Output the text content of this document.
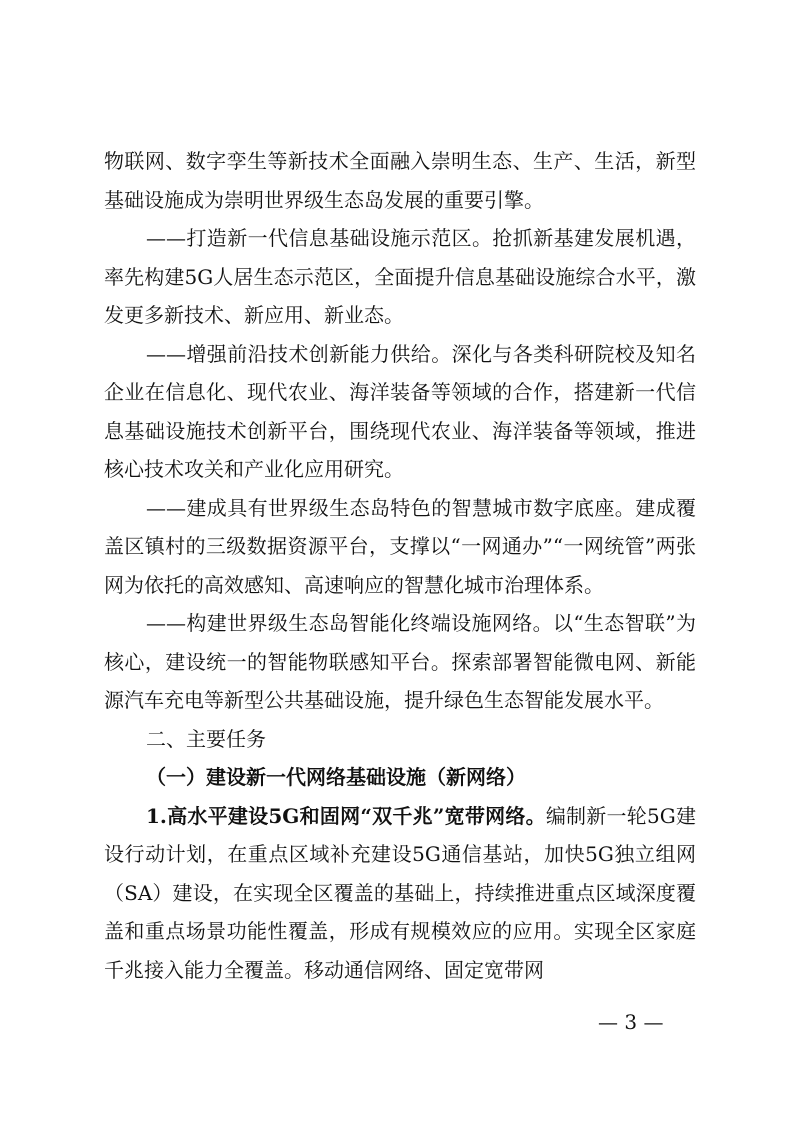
物联网、数字孪生等新技术全面融入崇明生态、生产、生活，新型基础设施成为崇明世界级生态岛发展的重要引擎。

——打造新一代信息基础设施示范区。抢抓新基建发展机遇，率先构建5G人居生态示范区，全面提升信息基础设施综合水平，激发更多新技术、新应用、新业态。

——增强前沿技术创新能力供给。深化与各类科研院校及知名企业在信息化、现代农业、海洋装备等领域的合作，搭建新一代信息基础设施技术创新平台，围绕现代农业、海洋装备等领域，推进核心技术攻关和产业化应用研究。

——建成具有世界级生态岛特色的智慧城市数字底座。建成覆盖区镇村的三级数据资源平台，支撑以“一网通办”“一网统管”两张网为依托的高效感知、高速响应的智慧化城市治理体系。

——构建世界级生态岛智能化终端设施网络。以“生态智联”为核心，建设统一的智能物联感知平台。探索部署智能微电网、新能源汽车充电等新型公共基础设施，提升绿色生态智能发展水平。

二、主要任务

（一）建设新一代网络基础设施（新网络）

1.高水平建设5G和固网“双千兆”宽带网络。编制新一轮5G建设行动计划，在重点区域补充建设5G通信基站，加快5G独立组网（SA）建设，在实现全区覆盖的基础上，持续推进重点区域深度覆盖和重点场景功能性覆盖，形成有规模效应的应用。实现全区家庭千兆接入能力全覆盖。移动通信网络、固定宽带网

— 3 —
